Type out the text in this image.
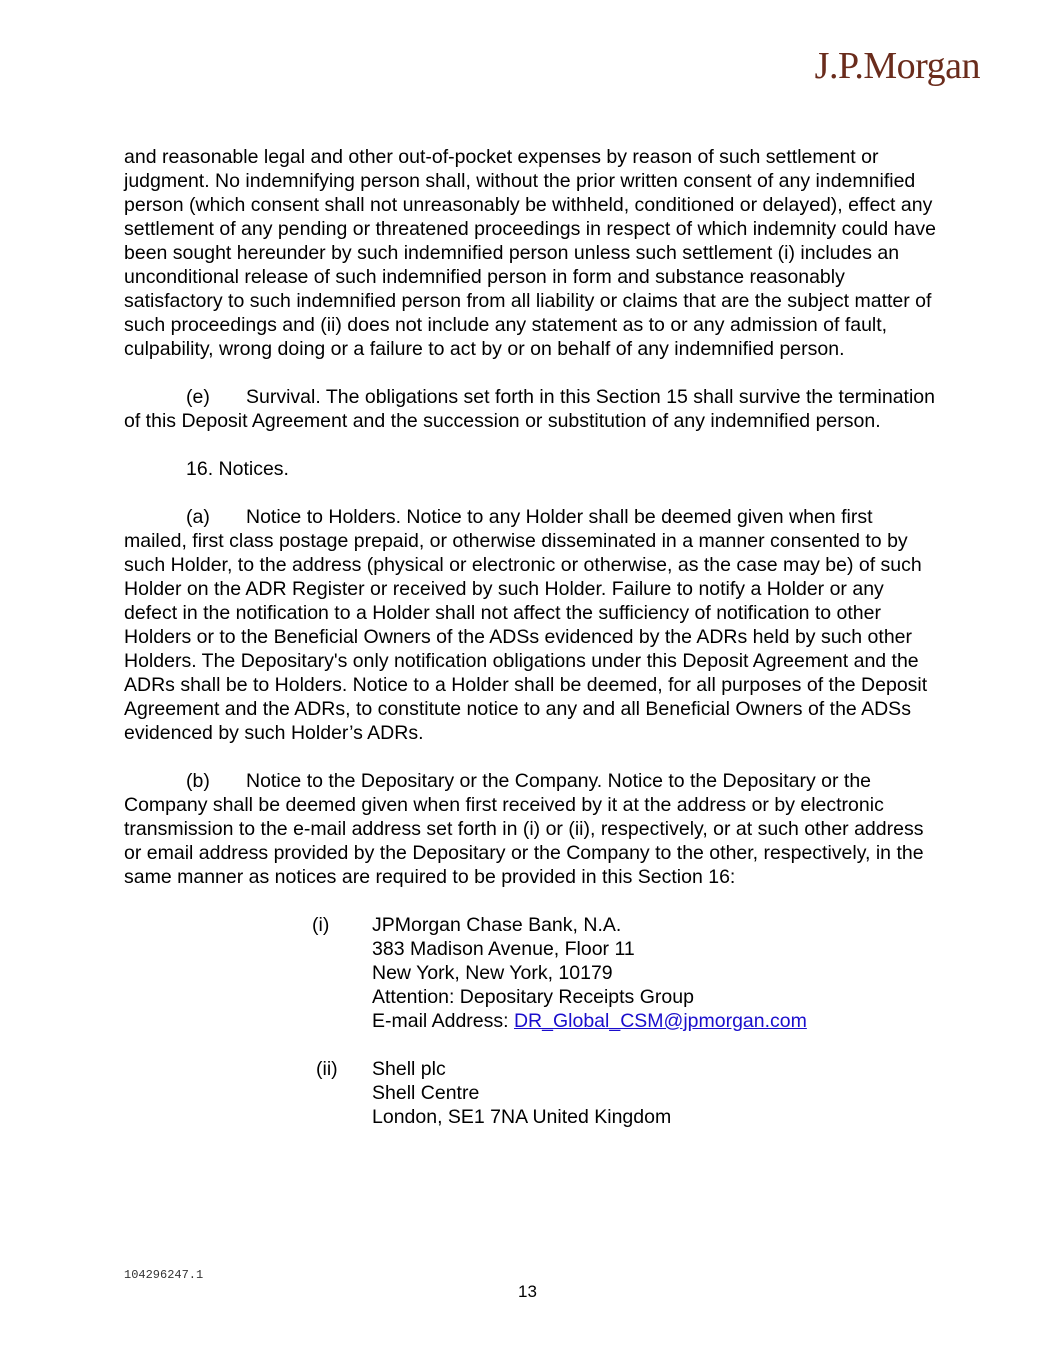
J.P.Morgan

and reasonable legal and other out-of-pocket expenses by reason of such settlement or judgment. No indemnifying person shall, without the prior written consent of any indemnified person (which consent shall not unreasonably be withheld, conditioned or delayed), effect any settlement of any pending or threatened proceedings in respect of which indemnity could have been sought hereunder by such indemnified person unless such settlement (i) includes an unconditional release of such indemnified person in form and substance reasonably satisfactory to such indemnified person from all liability or claims that are the subject matter of such proceedings and (ii) does not include any statement as to or any admission of fault, culpability, wrong doing or a failure to act by or on behalf of any indemnified person.

(e) Survival. The obligations set forth in this Section 15 shall survive the termination of this Deposit Agreement and the succession or substitution of any indemnified person.

16. Notices.

(a) Notice to Holders. Notice to any Holder shall be deemed given when first mailed, first class postage prepaid, or otherwise disseminated in a manner consented to by such Holder, to the address (physical or electronic or otherwise, as the case may be) of such Holder on the ADR Register or received by such Holder. Failure to notify a Holder or any defect in the notification to a Holder shall not affect the sufficiency of notification to other Holders or to the Beneficial Owners of the ADSs evidenced by the ADRs held by such other Holders. The Depositary's only notification obligations under this Deposit Agreement and the ADRs shall be to Holders. Notice to a Holder shall be deemed, for all purposes of the Deposit Agreement and the ADRs, to constitute notice to any and all Beneficial Owners of the ADSs evidenced by such Holder’s ADRs.

(b) Notice to the Depositary or the Company. Notice to the Depositary or the Company shall be deemed given when first received by it at the address or by electronic transmission to the e-mail address set forth in (i) or (ii), respectively, or at such other address or email address provided by the Depositary or the Company to the other, respectively, in the same manner as notices are required to be provided in this Section 16:

(i) JPMorgan Chase Bank, N.A.
383 Madison Avenue, Floor 11
New York, New York, 10179
Attention: Depositary Receipts Group
E-mail Address: DR_Global_CSM@jpmorgan.com
(ii) Shell plc
Shell Centre
London, SE1 7NA United Kingdom
104296247.1
13
